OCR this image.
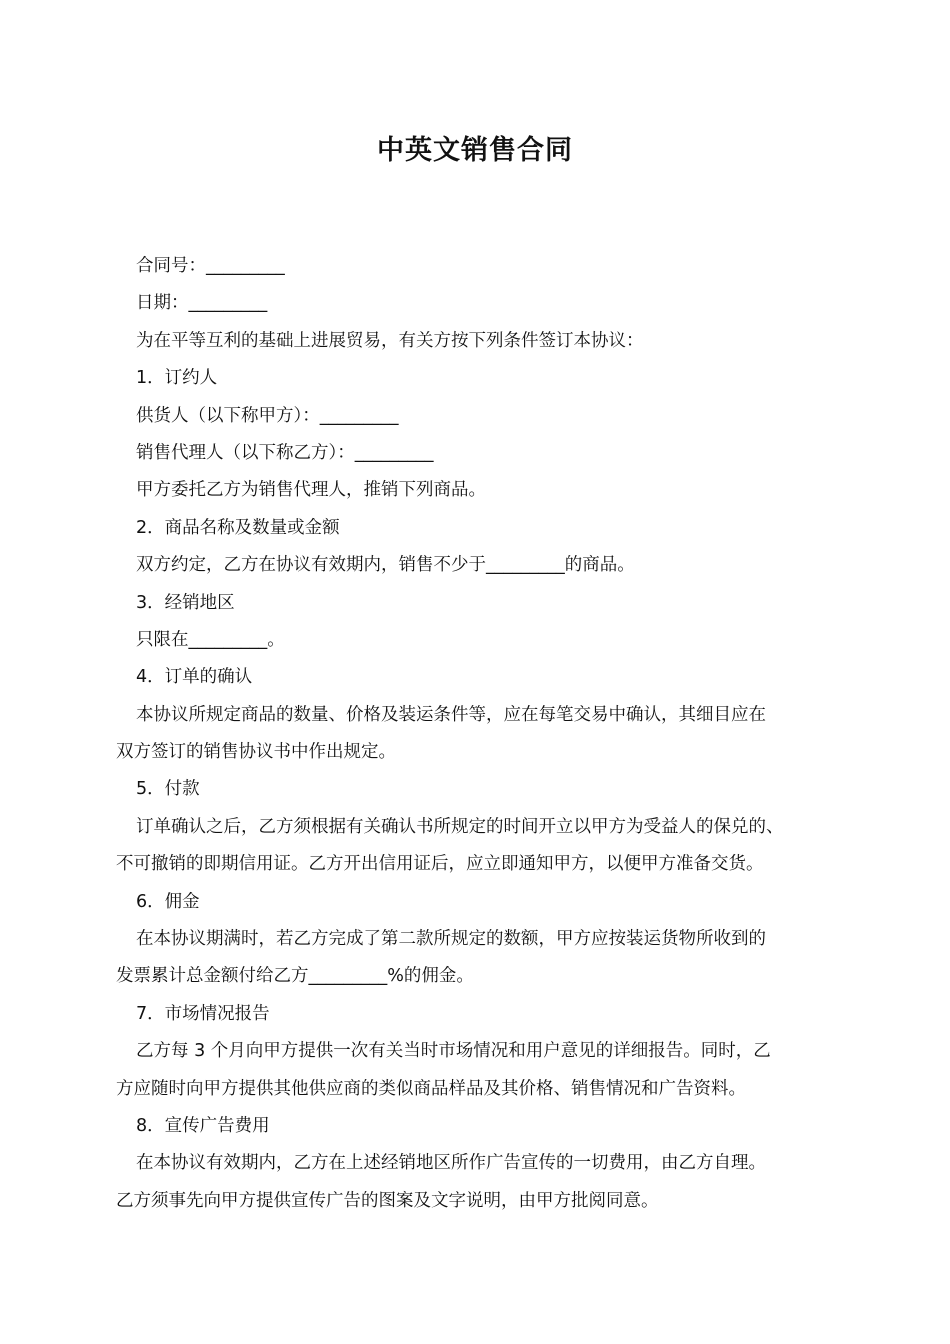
中英文销售合同
合同号：_________
日期：_________
为在平等互利的基础上进展贸易，有关方按下列条件签订本协议：
1．订约人
供货人（以下称甲方）：_________
销售代理人（以下称乙方）：_________
甲方委托乙方为销售代理人，推销下列商品。
2．商品名称及数量或金额
双方约定，乙方在协议有效期内，销售不少于_________的商品。
3．经销地区
只限在_________。
4．订单的确认
本协议所规定商品的数量、价格及装运条件等，应在每笔交易中确认，其细目应在
双方签订的销售协议书中作出规定。
5．付款
订单确认之后，乙方须根据有关确认书所规定的时间开立以甲方为受益人的保兑的、
不可撤销的即期信用证。乙方开出信用证后，应立即通知甲方，以便甲方准备交货。
6．佣金
在本协议期满时，若乙方完成了第二款所规定的数额，甲方应按装运货物所收到的
发票累计总金额付给乙方_________%的佣金。
7．市场情况报告
乙方每 3 个月向甲方提供一次有关当时市场情况和用户意见的详细报告。同时，乙
方应随时向甲方提供其他供应商的类似商品样品及其价格、销售情况和广告资料。
8．宣传广告费用
在本协议有效期内，乙方在上述经销地区所作广告宣传的一切费用，由乙方自理。
乙方须事先向甲方提供宣传广告的图案及文字说明，由甲方批阅同意。
